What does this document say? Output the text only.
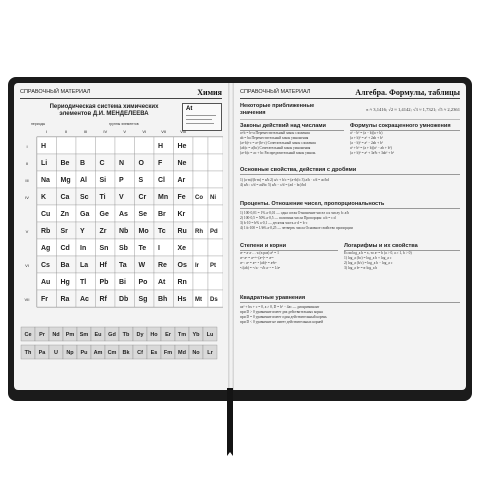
СПРАВОЧНЫЙ МАТЕРИАЛ	Химия
Периодическая система химических
элементов Д.И. МЕНДЕЛЕЕВА
At
периоды	группы элементов
I	II	III	IV	V	VI	VII	VIII
I H	H He
II Li Be B C N O F Ne
III Na Mg Al Si P S Cl Ar
IV K Ca Sc Ti V Cr Mn Fe Co Ni
Cu Zn Ga Ge As Se Br Kr
V Rb Sr Y Zr Nb Mo Tc Ru Rh Pd
Ag Cd In Sn Sb Te I	Xe
VI Cs Ba La Hf Ta W Re Os Ir Pt
Au Hg Tl Pb Bi Po At Rn
VII Fr Ra Ac Rf Db Sg Bh Hs Mt Ds
Ce Pr Nd Pm Sm Eu Gd Tb Dy Ho Er Tm Yb Lu
Th Pa U Np Pu Am Cm Bk Cf Es Fm Md No Lr
СПРАВОЧНЫЙ МАТЕРИАЛ	Алгебра. Формулы, таблицы
Некоторые приближенные
значения	π ≈ 3,1416; √2 ≈ 1,4142; √3 ≈ 1,7321; √5 ≈ 2,2361
Законы действий над числами
a+b = b+a Переместительный закон сложения
ab = ba Переместительный закон умножения
(a+b)+c = a+(b+c) Сочетательный закон сложения
(ab)c = a(bc) Сочетательный закон умножения
(a+b)c = ac + bc Распределительный закон умнож.
Формулы сокращенного умножения
a² − b² = (a − b)(a + b)
(a + b)² = a² + 2ab + b²
(a − b)² = a² − 2ab + b²
a³ + b³ = (a + b)(a² − ab + b²)
(a + b)³ = a³ + 3a²b + 3ab² + b³
Основные свойства, действия с дробями
1) (a·m)/(b·m) = a/b 2) a/c + b/c = (a+b)/c 3) a/b · c/d = ac/bd
4) a/b : c/d = ad/bc 5) a/b − c/d = (ad − bc)/bd
Проценты. Отношение чисел, пропорциональность
1) 100·0,01 = 1% a·0,01 — одна сотая Отношение чисел a к числу b: a/b
2) 100·0,5 = 50% a·0,5 — половина числа Пропорция: a:b = c:d
3) b·10 = b% a·0,1 — десятая часть a·d = b·c
4) 1:b·100 = 1/b% a·0,25 — четверть числа Основное свойство пропорции
Степени и корни
aⁿ = a·a·…·a (n раз) a⁰ = 1
aᵐ·aⁿ = aᵐ⁺ⁿ (aᵐ)ⁿ = aᵐⁿ
aᵐ : aⁿ = aᵐ⁻ⁿ (ab)ⁿ = aⁿbⁿ
ⁿ√(ab) = ⁿ√a · ⁿ√b a⁻ⁿ = 1/aⁿ
Логарифмы и их свойства
Если log_a b = x, то aˣ = b (a > 0, a ≠ 1, b > 0)
1) log_a (bc) = log_a b + log_a c
2) log_a (b/c) = log_a b − log_a c
3) log_a bⁿ = n·log_a b
Квадратные уравнения
ax² + bx + c = 0, a ≠ 0, D = b² − 4ac — дискриминант
при D > 0 уравнение имеет два действительных корня
при D = 0 уравнение имеет один действительный корень
при D < 0 уравнение не имеет действительных корней
